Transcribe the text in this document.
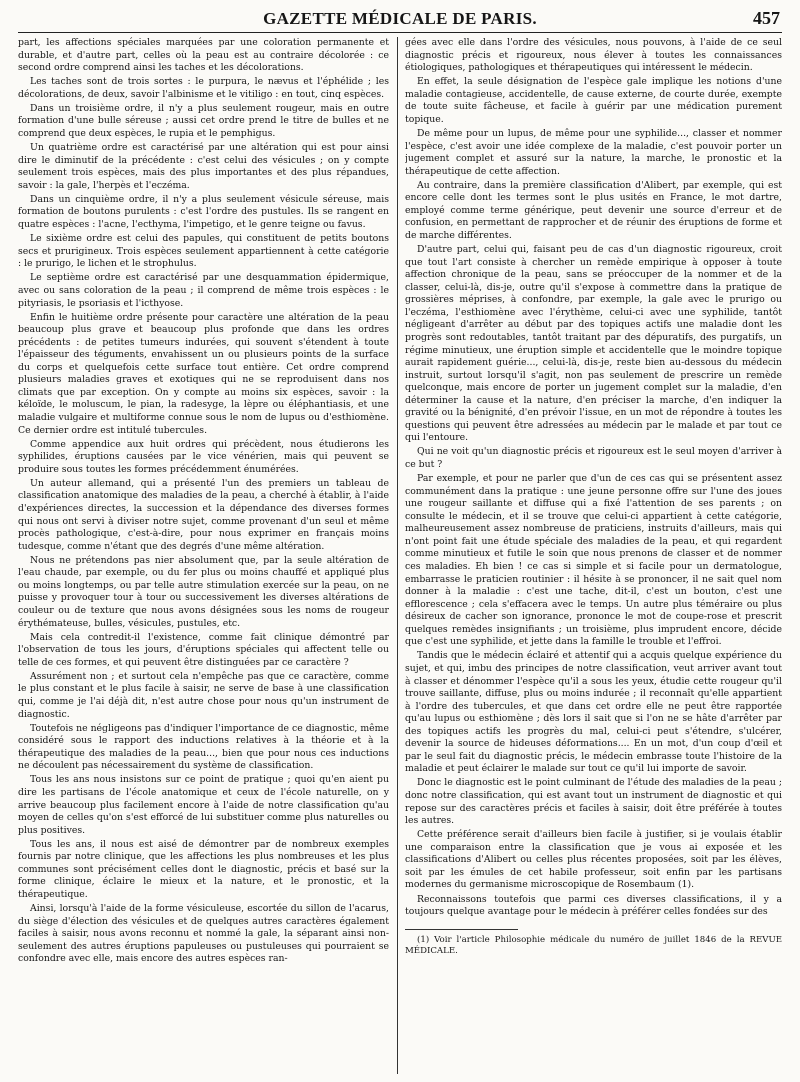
GAZETTE MÉDICALE DE PARIS.	457

part, les affections spéciales marquées par une coloration permanente et durable, et d'autre part, celles où la peau est au contraire décolorée : ce second ordre comprend ainsi les taches et les décolorations.

Les taches sont de trois sortes : le purpura, le nævus et l'éphélide ; les décolorations, de deux, savoir l'albinisme et le vitiligo : en tout, cinq espèces.

Dans un troisième ordre, il n'y a plus seulement rougeur, mais en outre formation d'une bulle séreuse ; aussi cet ordre prend le titre de bulles et ne comprend que deux espèces, le rupia et le pemphigus.

Un quatrième ordre est caractérisé par une altération qui est pour ainsi dire le diminutif de la précédente : c'est celui des vésicules ; on y compte seulement trois espèces, mais des plus importantes et des plus répandues, savoir : la gale, l'herpès et l'eczéma.

Dans un cinquième ordre, il n'y a plus seulement vésicule séreuse, mais formation de boutons purulents : c'est l'ordre des pustules. Ils se rangent en quatre espèces : l'acne, l'ecthyma, l'impetigo, et le genre teigne ou favus.

Le sixième ordre est celui des papules, qui constituent de petits boutons secs et prurigineux. Trois espèces seulement appartiennent à cette catégorie : le prurigo, le lichen et le strophulus.

Le septième ordre est caractérisé par une desquammation épidermique, avec ou sans coloration de la peau ; il comprend de même trois espèces : le pityriasis, le psoriasis et l'icthyose.

Enfin le huitième ordre présente pour caractère une altération de la peau beaucoup plus grave et beaucoup plus profonde que dans les ordres précédents : de petites tumeurs indurées, qui souvent s'étendent à toute l'épaisseur des téguments, envahissent un ou plusieurs points de la surface du corps et quelquefois cette surface tout entière. Cet ordre comprend plusieurs maladies graves et exotiques qui ne se reproduisent dans nos climats que par exception. On y compte au moins six espèces, savoir : la kéloïde, le moluscum, le pian, la radesyge, la lèpre ou éléphantiasis, et une maladie vulgaire et multiforme connue sous le nom de lupus ou d'esthiomène. Ce dernier ordre est intitulé tubercules.

Comme appendice aux huit ordres qui précèdent, nous étudierons les syphilides, éruptions causées par le vice vénérien, mais qui peuvent se produire sous toutes les formes précédemment énumérées.

Un auteur allemand, qui a présenté l'un des premiers un tableau de classification anatomique des maladies de la peau, a cherché à établir, à l'aide d'expériences directes, la succession et la dépendance des diverses formes qui nous ont servi à diviser notre sujet, comme provenant d'un seul et même procès pathologique, c'est-à-dire, pour nous exprimer en français moins tudesque, comme n'étant que des degrés d'une même altération.

Nous ne prétendons pas nier absolument que, par la seule altération de l'eau chaude, par exemple, ou du fer plus ou moins chauffé et appliqué plus ou moins longtemps, ou par telle autre stimulation exercée sur la peau, on ne puisse y provoquer tour à tour ou successivement les diverses altérations de couleur ou de texture que nous avons désignées sous les noms de rougeur érythémateuse, bulles, vésicules, pustules, etc.

Mais cela contredit-il l'existence, comme fait clinique démontré par l'observation de tous les jours, d'éruptions spéciales qui affectent telle ou telle de ces formes, et qui peuvent être distinguées par ce caractère ?

Assurément non ; et surtout cela n'empêche pas que ce caractère, comme le plus constant et le plus facile à saisir, ne serve de base à une classification qui, comme je l'ai déjà dit, n'est autre chose pour nous qu'un instrument de diagnostic.

Toutefois ne négligeons pas d'indiquer l'importance de ce diagnostic, même considéré sous le rapport des inductions relatives à la théorie et à la thérapeutique des maladies de la peau..., bien que pour nous ces inductions ne découlent pas nécessairement du système de classification.

Tous les ans nous insistons sur ce point de pratique ; quoi qu'en aient pu dire les partisans de l'école anatomique et ceux de l'école naturelle, on y arrive beaucoup plus facilement encore à l'aide de notre classification qu'au moyen de celles qu'on s'est efforcé de lui substituer comme plus naturelles ou plus positives.

Tous les ans, il nous est aisé de démontrer par de nombreux exemples fournis par notre clinique, que les affections les plus nombreuses et les plus communes sont précisément celles dont le diagnostic, précis et basé sur la forme clinique, éclaire le mieux et la nature, et le pronostic, et la thérapeutique.

Ainsi, lorsqu'à l'aide de la forme vésiculeuse, escortée du sillon de l'acarus, du siège d'élection des vésicules et de quelques autres caractères également faciles à saisir, nous avons reconnu et nommé la gale, la séparant ainsi non-seulement des autres éruptions papuleuses ou pustuleuses qui pourraient se confondre avec elle, mais encore des autres espèces ran-

gées avec elle dans l'ordre des vésicules, nous pouvons, à l'aide de ce seul diagnostic précis et rigoureux, nous élever à toutes les connaissances étiologiques, pathologiques et thérapeutiques qui intéressent le médecin.

En effet, la seule désignation de l'espèce gale implique les notions d'une maladie contagieuse, accidentelle, de cause externe, de courte durée, exempte de toute suite fâcheuse, et facile à guérir par une médication purement topique.

De même pour un lupus, de même pour une syphilide..., classer et nommer l'espèce, c'est avoir une idée complexe de la maladie, c'est pouvoir porter un jugement complet et assuré sur la nature, la marche, le pronostic et la thérapeutique de cette affection.

Au contraire, dans la première classification d'Alibert, par exemple, qui est encore celle dont les termes sont le plus usités en France, le mot dartre, employé comme terme générique, peut devenir une source d'erreur et de confusion, en permettant de rapprocher et de réunir des éruptions de forme et de marche différentes.

D'autre part, celui qui, faisant peu de cas d'un diagnostic rigoureux, croit que tout l'art consiste à chercher un remède empirique à opposer à toute affection chronique de la peau, sans se préoccuper de la nommer et de la classer, celui-là, dis-je, outre qu'il s'expose à commettre dans la pratique de grossières méprises, à confondre, par exemple, la gale avec le prurigo ou l'eczéma, l'esthiomène avec l'érythème, celui-ci avec une syphilide, tantôt négligeant d'arrêter au début par des topiques actifs une maladie dont les progrès sont redoutables, tantôt traitant par des dépuratifs, des purgatifs, un régime minutieux, une éruption simple et accidentelle que le moindre topique aurait rapidement guérie..., celui-là, dis-je, reste bien au-dessous du médecin instruit, surtout lorsqu'il s'agit, non pas seulement de prescrire un remède quelconque, mais encore de porter un jugement complet sur la maladie, d'en déterminer la cause et la nature, d'en préciser la marche, d'en indiquer la gravité ou la bénignité, d'en prévoir l'issue, en un mot de répondre à toutes les questions qui peuvent être adressées au médecin par le malade et par tout ce qui l'entoure.

Qui ne voit qu'un diagnostic précis et rigoureux est le seul moyen d'arriver à ce but ?

Par exemple, et pour ne parler que d'un de ces cas qui se présentent assez communément dans la pratique : une jeune personne offre sur l'une des joues une rougeur saillante et diffuse qui a fixé l'attention de ses parents ; on consulte le médecin, et il se trouve que celui-ci appartient à cette catégorie, malheureusement assez nombreuse de praticiens, instruits d'ailleurs, mais qui n'ont point fait une étude spéciale des maladies de la peau, et qui regardent comme minutieux et futile le soin que nous prenons de classer et de nommer ces maladies. Eh bien ! ce cas si simple et si facile pour un dermatologue, embarrasse le praticien routinier : il hésite à se prononcer, il ne sait quel nom donner à la maladie : c'est une tache, dit-il, c'est un bouton, c'est une efflorescence ; cela s'effacera avec le temps. Un autre plus téméraire ou plus désireux de cacher son ignorance, prononce le mot de coupe-rose et prescrit quelques remèdes insignifiants ; un troisième, plus imprudent encore, décide que c'est une syphilide, et jette dans la famille le trouble et l'effroi.

Tandis que le médecin éclairé et attentif qui a acquis quelque expérience du sujet, et qui, imbu des principes de notre classification, veut arriver avant tout à classer et dénommer l'espèce qu'il a sous les yeux, étudie cette rougeur qu'il trouve saillante, diffuse, plus ou moins indurée ; il reconnaît qu'elle appartient à l'ordre des tubercules, et que dans cet ordre elle ne peut être rapportée qu'au lupus ou esthiomène ; dès lors il sait que si l'on ne se hâte d'arrêter par des topiques actifs les progrès du mal, celui-ci peut s'étendre, s'ulcérer, devenir la source de hideuses déformations.... En un mot, d'un coup d'œil et par le seul fait du diagnostic précis, le médecin embrasse toute l'histoire de la maladie et peut éclairer le malade sur tout ce qu'il lui importe de savoir.

Donc le diagnostic est le point culminant de l'étude des maladies de la peau ; donc notre classification, qui est avant tout un instrument de diagnostic et qui repose sur des caractères précis et faciles à saisir, doit être préférée à toutes les autres.

Cette préférence serait d'ailleurs bien facile à justifier, si je voulais établir une comparaison entre la classification que je vous ai exposée et les classifications d'Alibert ou celles plus récentes proposées, soit par les élèves, soit par les émules de cet habile professeur, soit enfin par les partisans modernes du germanisme microscopique de Rosembaum (1).

Reconnaissons toutefois que parmi ces diverses classifications, il y a toujours quelque avantage pour le médecin à préférer celles fondées sur des

(1) Voir l'article Philosophie médicale du numéro de juillet 1846 de la REVUE MÉDICALE.
